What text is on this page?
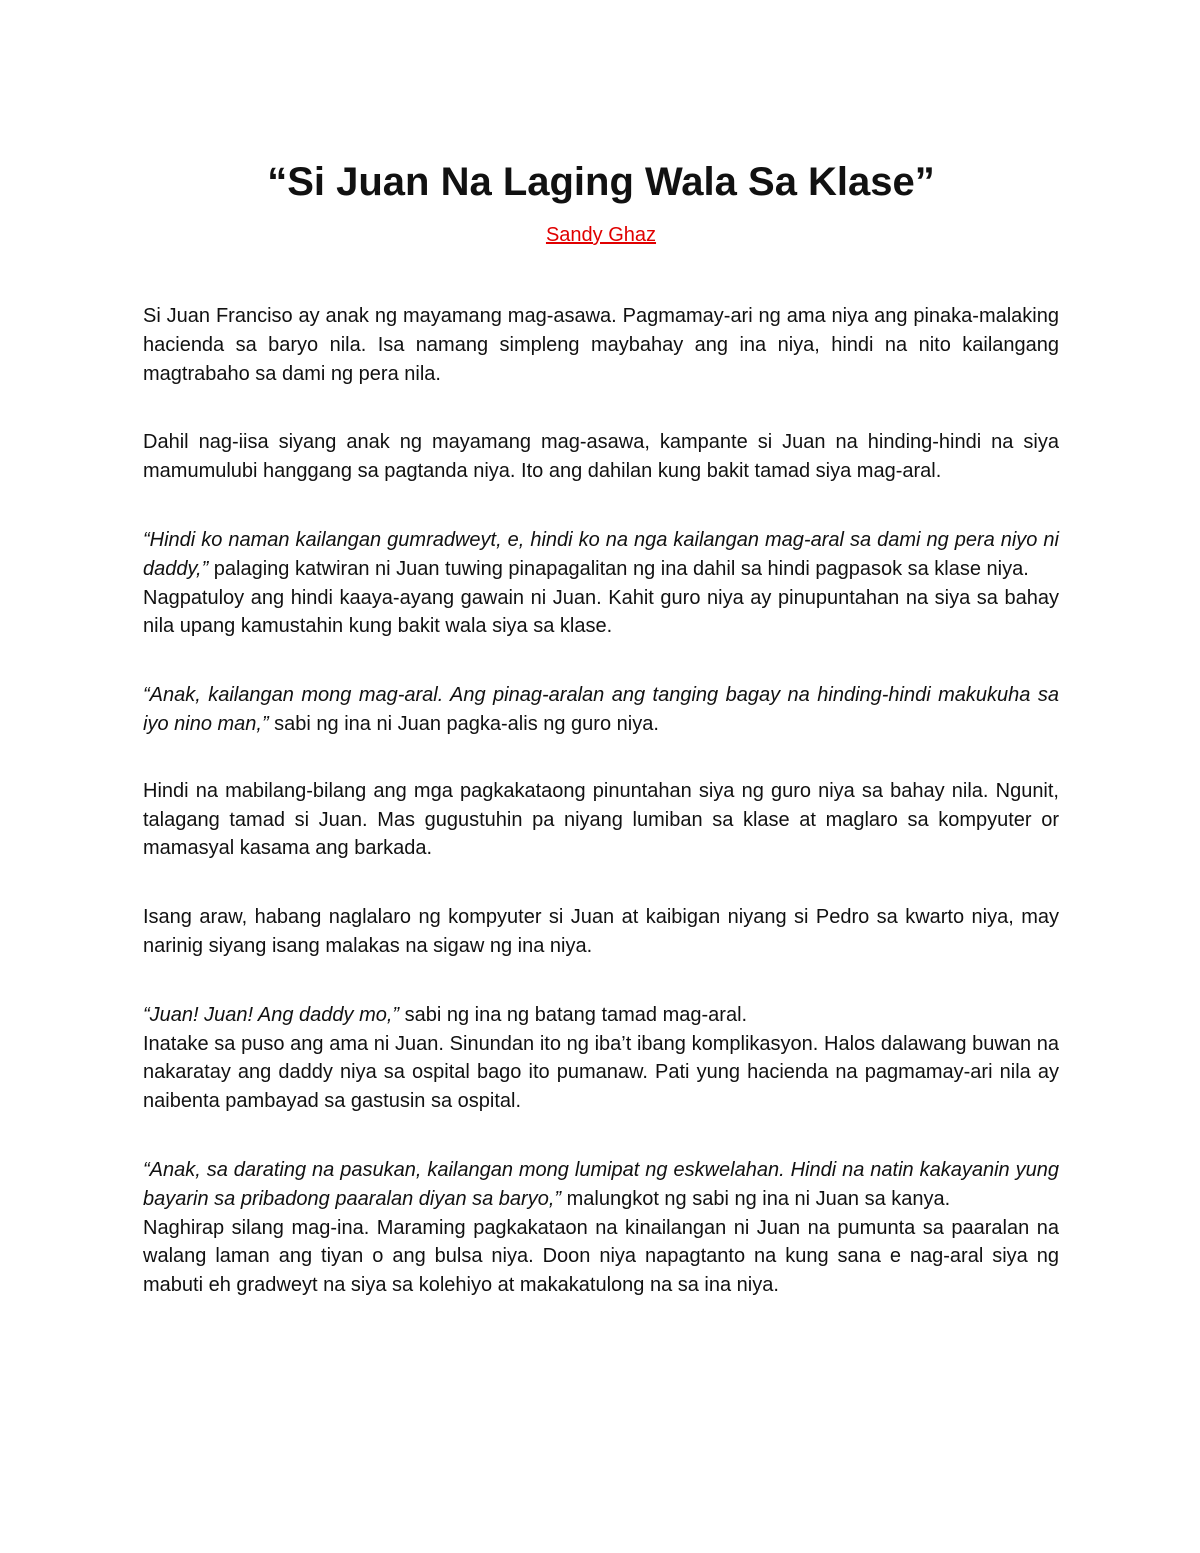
“Si Juan Na Laging Wala Sa Klase”
Sandy Ghaz

Si Juan Franciso ay anak ng mayamang mag-asawa. Pagmamay-ari ng ama niya ang pinaka-malaking hacienda sa baryo nila. Isa namang simpleng maybahay ang ina niya, hindi na nito kailangang magtrabaho sa dami ng pera nila.

Dahil nag-iisa siyang anak ng mayamang mag-asawa, kampante si Juan na hinding-hindi na siya mamumulubi hanggang sa pagtanda niya. Ito ang dahilan kung bakit tamad siya mag-aral.

“Hindi ko naman kailangan gumradweyt, e, hindi ko na nga kailangan mag-aral sa dami ng pera niyo ni daddy,” palaging katwiran ni Juan tuwing pinapagalitan ng ina dahil sa hindi pagpasok sa klase niya.

Nagpatuloy ang hindi kaaya-ayang gawain ni Juan. Kahit guro niya ay pinupuntahan na siya sa bahay nila upang kamustahin kung bakit wala siya sa klase.

“Anak, kailangan mong mag-aral. Ang pinag-aralan ang tanging bagay na hinding-hindi makukuha sa iyo nino man,” sabi ng ina ni Juan pagka-alis ng guro niya.

Hindi na mabilang-bilang ang mga pagkakataong pinuntahan siya ng guro niya sa bahay nila. Ngunit, talagang tamad si Juan. Mas gugustuhin pa niyang lumiban sa klase at maglaro sa kompyuter or mamasyal kasama ang barkada.

Isang araw, habang naglalaro ng kompyuter si Juan at kaibigan niyang si Pedro sa kwarto niya, may narinig siyang isang malakas na sigaw ng ina niya.

“Juan! Juan! Ang daddy mo,” sabi ng ina ng batang tamad mag-aral.

Inatake sa puso ang ama ni Juan. Sinundan ito ng iba’t ibang komplikasyon. Halos dalawang buwan na nakaratay ang daddy niya sa ospital bago ito pumanaw. Pati yung hacienda na pagmamay-ari nila ay naibenta pambayad sa gastusin sa ospital.

“Anak, sa darating na pasukan, kailangan mong lumipat ng eskwelahan. Hindi na natin kakayanin yung bayarin sa pribadong paaralan diyan sa baryo,” malungkot ng sabi ng ina ni Juan sa kanya.

Naghirap silang mag-ina. Maraming pagkakataon na kinailangan ni Juan na pumunta sa paaralan na walang laman ang tiyan o ang bulsa niya. Doon niya napagtanto na kung sana e nag-aral siya ng mabuti eh gradweyt na siya sa kolehiyo at makakatulong na sa ina niya.
